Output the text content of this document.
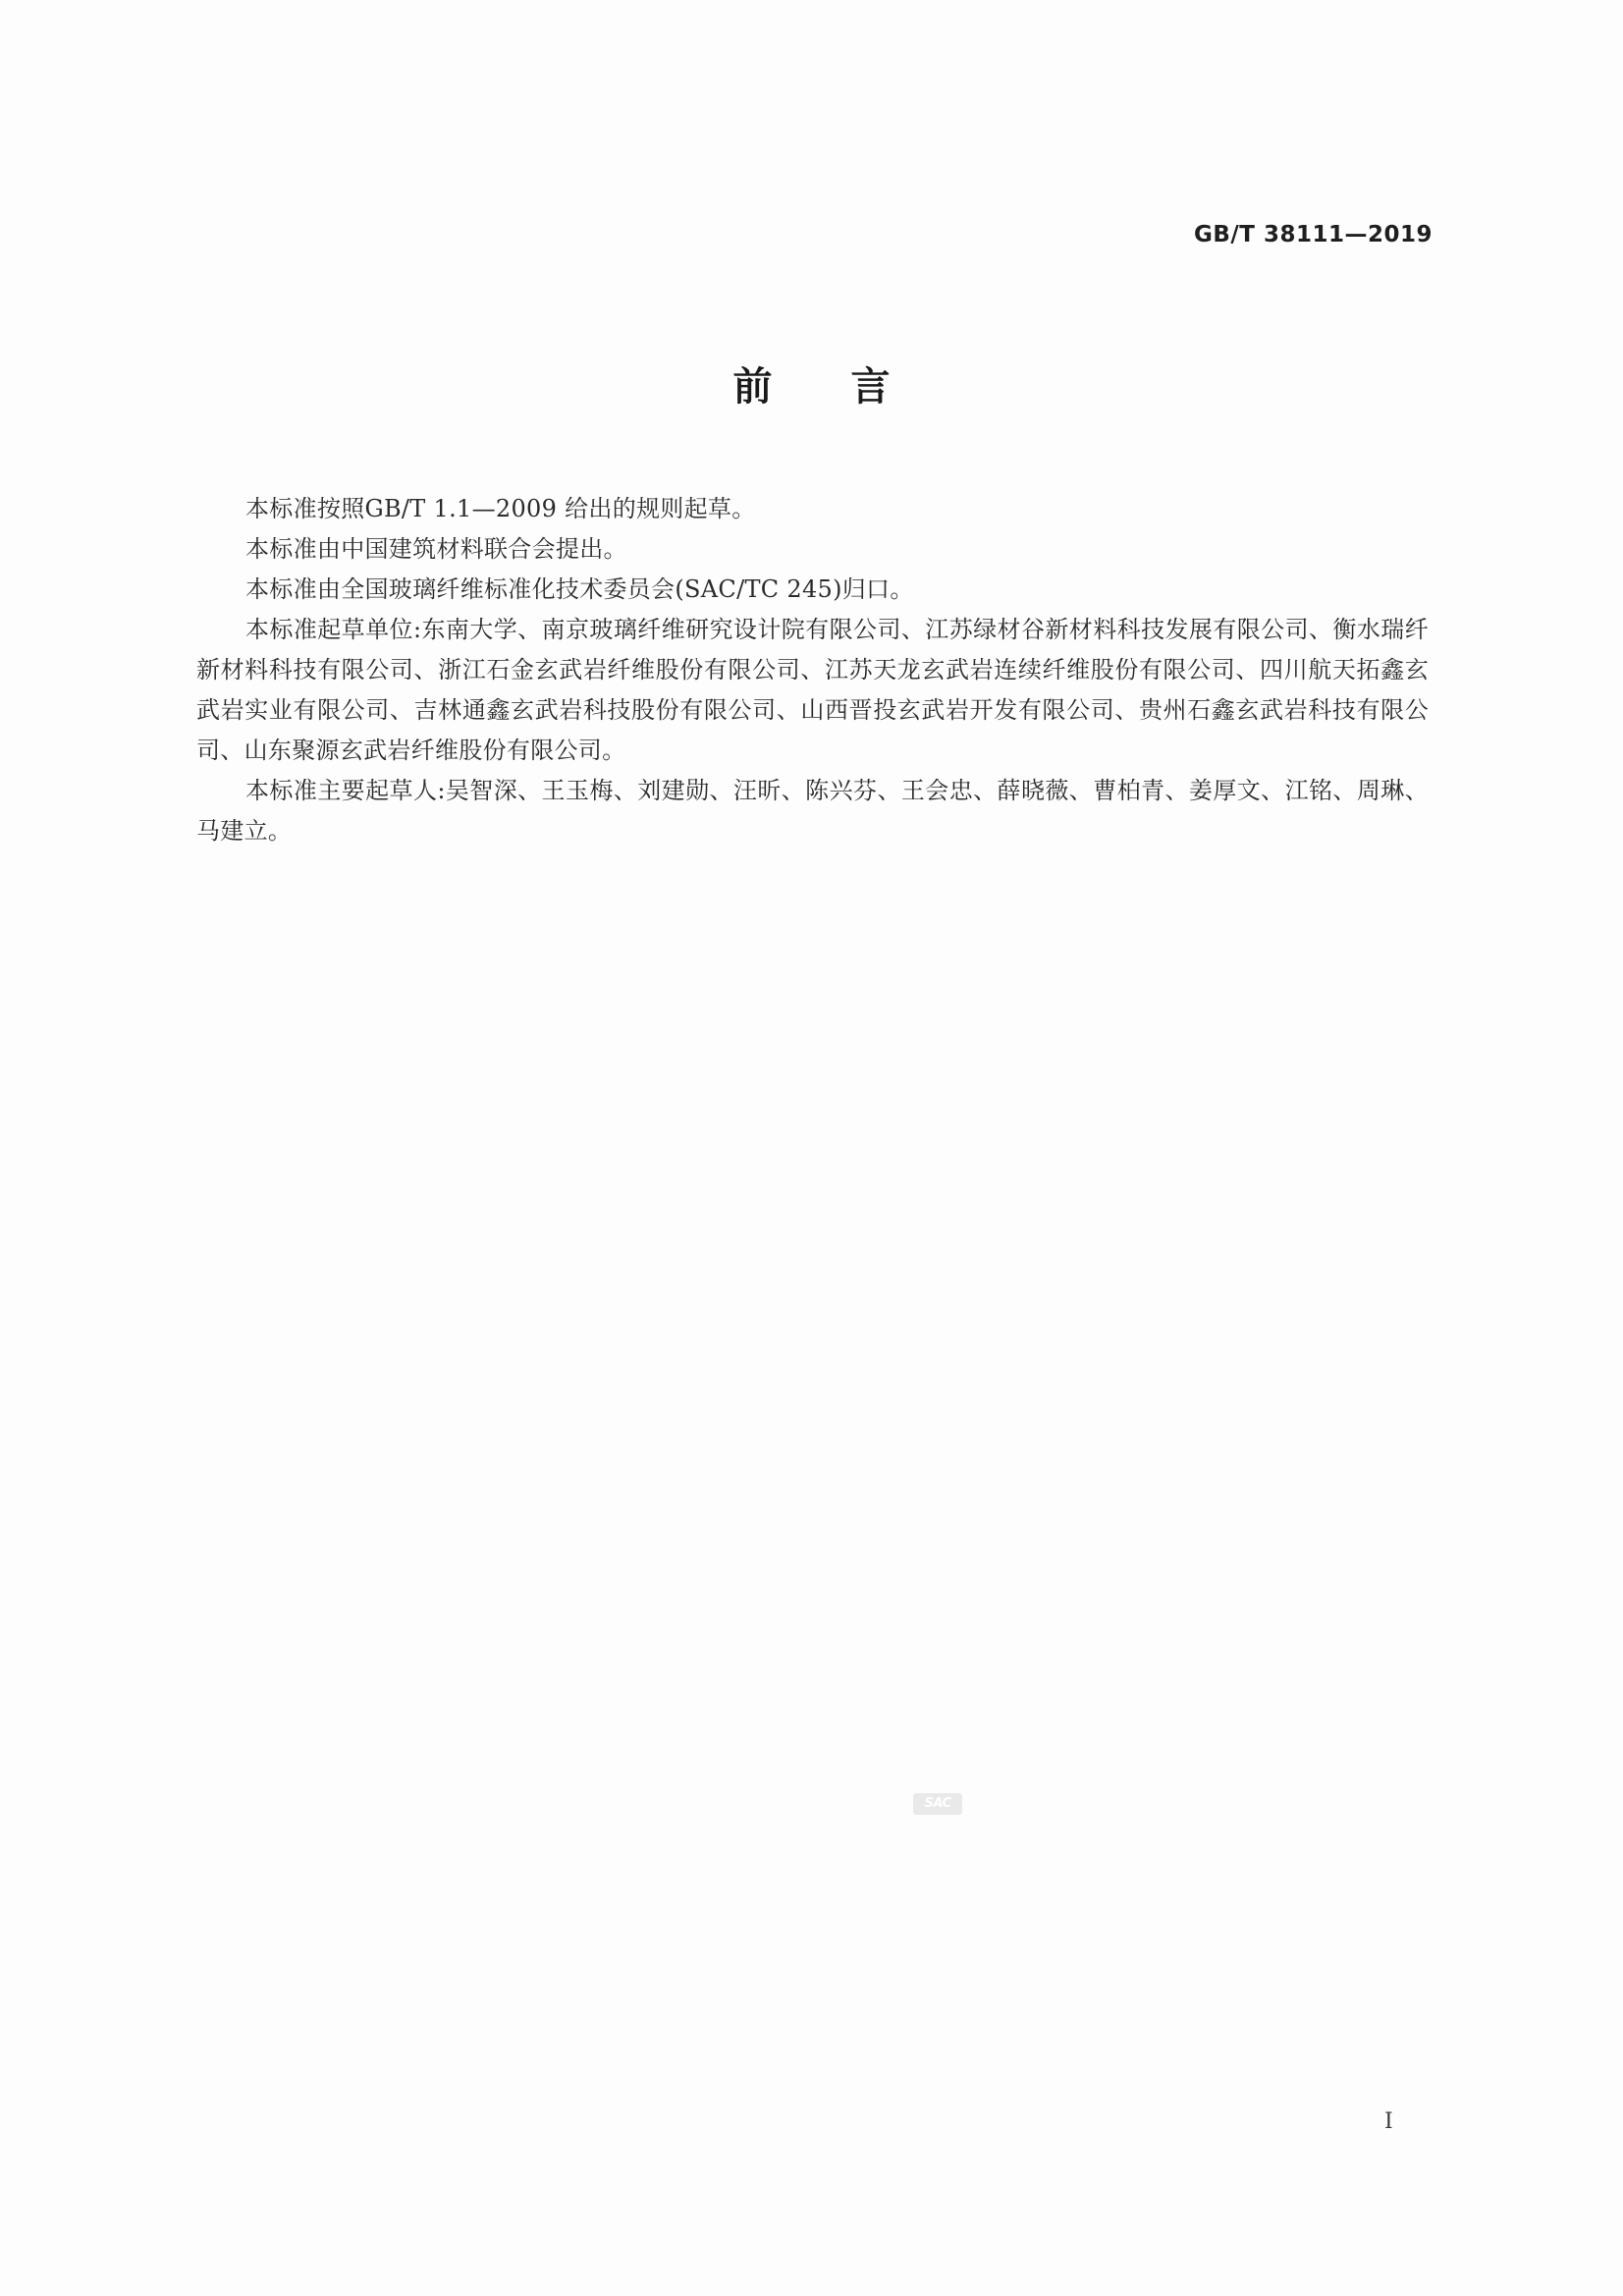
GB/T 38111—2019
前言

本标准按照GB/T 1.1—2009 给出的规则起草。

本标准由中国建筑材料联合会提出。

本标准由全国玻璃纤维标准化技术委员会(SAC/TC 245)归口。

本标准起草单位:东南大学、南京玻璃纤维研究设计院有限公司、江苏绿材谷新材料科技发展有限公司、衡水瑞纤新材料科技有限公司、浙江石金玄武岩纤维股份有限公司、江苏天龙玄武岩连续纤维股份有限公司、四川航天拓鑫玄武岩实业有限公司、吉林通鑫玄武岩科技股份有限公司、山西晋投玄武岩开发有限公司、贵州石鑫玄武岩科技有限公司、山东聚源玄武岩纤维股份有限公司。

本标准主要起草人:吴智深、王玉梅、刘建勋、汪昕、陈兴芬、王会忠、薛晓薇、曹柏青、姜厚文、江铭、周琳、马建立。

SAC
I
